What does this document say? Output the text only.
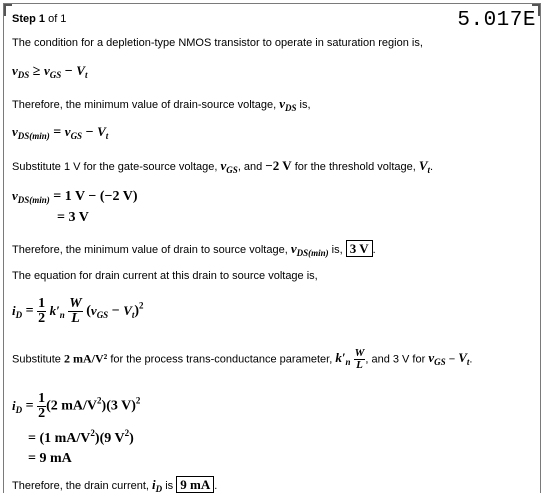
Step 1 of 1	5.017E
The condition for a depletion-type NMOS transistor to operate in saturation region is,
$v_{DS} \ge v_{GS} - V_t$
Therefore, the minimum value of drain-source voltage, $v_{DS}$ is,
$v_{DS(min)} = v_{GS} - V_t$
Substitute 1 V for the gate-source voltage, $v_{GS}$, and −2 V for the threshold voltage, $V_t$.
$v_{DS(min)} = 1$ V − (−2 V)
= 3 V
Therefore, the minimum value of drain to source voltage, $v_{DS(min)}$ is, 3 V .
The equation for drain current at this drain to source voltage is,
$i_D = \frac{1}{2} k'_n \frac{W}{L} (v_{GS} - V_t)^2$
Substitute 2 mA/V² for the process trans-conductance parameter, $k'_n \frac{W}{L}$ , and 3 V for $v_{GS} - V_t$.
$i_D = \frac{1}{2} (2$ $mA/V^2)(3$ V)$^2$
= (1 $mA/V^2)(9$ $V^2$)
= 9 mA
Therefore, the drain current, $i_D$ is 9 mA .
